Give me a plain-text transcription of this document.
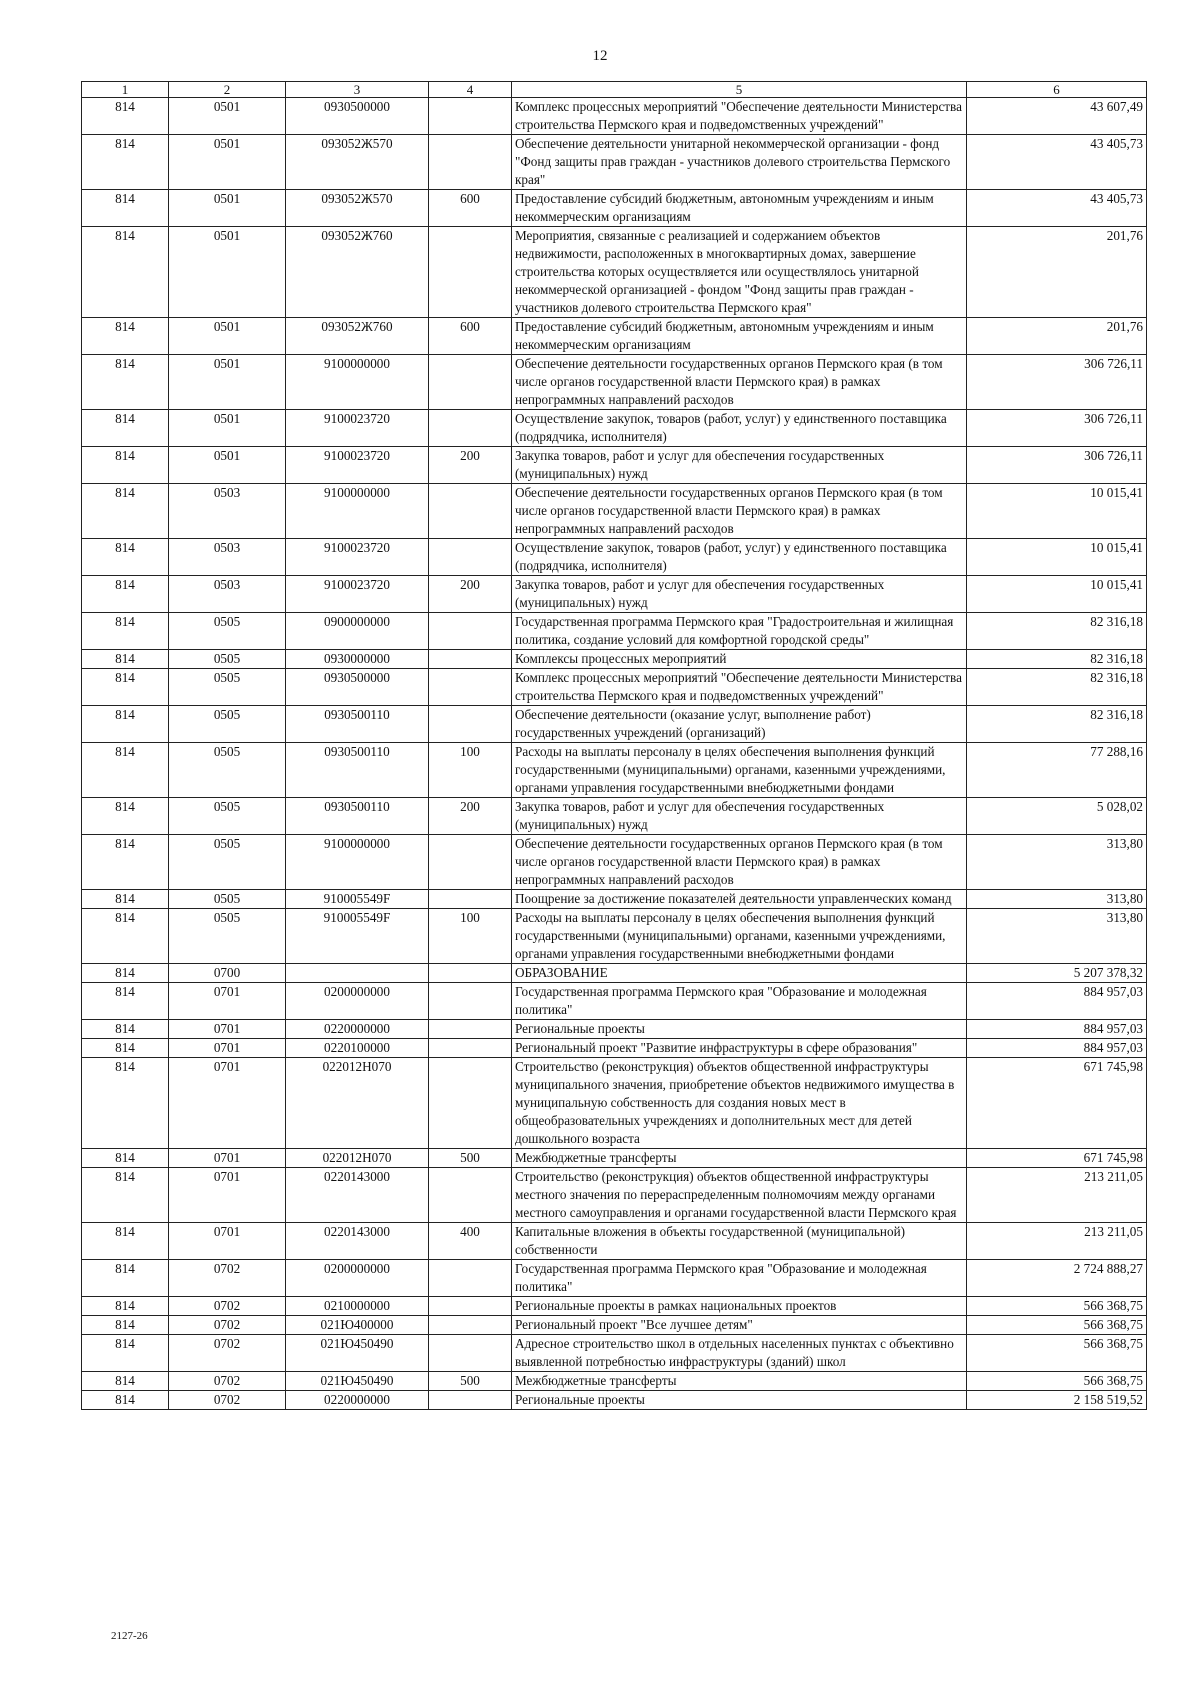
12
1	2	3	4	5	6
814	0501	0930500000		Комплекс процессных мероприятий "Обеспечение деятельности Министерства строительства Пермского края и подведомственных учреждений"	43 607,49
814	0501	093052Ж570		Обеспечение деятельности унитарной некоммерческой организации - фонд "Фонд защиты прав граждан - участников долевого строительства Пермского края"	43 405,73
814	0501	093052Ж570	600	Предоставление субсидий бюджетным, автономным учреждениям и иным некоммерческим организациям	43 405,73
814	0501	093052Ж760		Мероприятия, связанные с реализацией и содержанием объектов недвижимости, расположенных в многоквартирных домах, завершение строительства которых осуществляется или осуществлялось унитарной некоммерческой организацией - фондом "Фонд защиты прав граждан - участников долевого строительства Пермского края"	201,76
814	0501	093052Ж760	600	Предоставление субсидий бюджетным, автономным учреждениям и иным некоммерческим организациям	201,76
814	0501	9100000000		Обеспечение деятельности государственных органов Пермского края (в том числе органов государственной власти Пермского края) в рамках непрограммных направлений расходов	306 726,11
814	0501	9100023720		Осуществление закупок, товаров (работ, услуг) у единственного поставщика (подрядчика, исполнителя)	306 726,11
814	0501	9100023720	200	Закупка товаров, работ и услуг для обеспечения государственных (муниципальных) нужд	306 726,11
814	0503	9100000000		Обеспечение деятельности государственных органов Пермского края (в том числе органов государственной власти Пермского края) в рамках непрограммных направлений расходов	10 015,41
814	0503	9100023720		Осуществление закупок, товаров (работ, услуг) у единственного поставщика (подрядчика, исполнителя)	10 015,41
814	0503	9100023720	200	Закупка товаров, работ и услуг для обеспечения государственных (муниципальных) нужд	10 015,41
814	0505	0900000000		Государственная программа Пермского края "Градостроительная и жилищная политика, создание условий для комфортной городской среды"	82 316,18
814	0505	0930000000		Комплексы процессных мероприятий	82 316,18
814	0505	0930500000		Комплекс процессных мероприятий "Обеспечение деятельности Министерства строительства Пермского края и подведомственных учреждений"	82 316,18
814	0505	0930500110		Обеспечение деятельности (оказание услуг, выполнение работ) государственных учреждений (организаций)	82 316,18
814	0505	0930500110	100	Расходы на выплаты персоналу в целях обеспечения выполнения функций государственными (муниципальными) органами, казенными учреждениями, органами управления государственными внебюджетными фондами	77 288,16
814	0505	0930500110	200	Закупка товаров, работ и услуг для обеспечения государственных (муниципальных) нужд	5 028,02
814	0505	9100000000		Обеспечение деятельности государственных органов Пермского края (в том числе органов государственной власти Пермского края) в рамках непрограммных направлений расходов	313,80
814	0505	910005549F		Поощрение за достижение показателей деятельности управленческих команд	313,80
814	0505	910005549F	100	Расходы на выплаты персоналу в целях обеспечения выполнения функций государственными (муниципальными) органами, казенными учреждениями, органами управления государственными внебюджетными фондами	313,80
814	0700			ОБРАЗОВАНИЕ	5 207 378,32
814	0701	0200000000		Государственная программа Пермского края "Образование и молодежная политика"	884 957,03
814	0701	0220000000		Региональные проекты	884 957,03
814	0701	0220100000		Региональный проект "Развитие инфраструктуры в сфере образования"	884 957,03
814	0701	022012Н070		Строительство (реконструкция) объектов общественной инфраструктуры муниципального значения, приобретение объектов недвижимого имущества в муниципальную собственность для создания новых мест в общеобразовательных учреждениях и дополнительных мест для детей дошкольного возраста	671 745,98
814	0701	022012Н070	500	Межбюджетные трансферты	671 745,98
814	0701	0220143000		Строительство (реконструкция) объектов общественной инфраструктуры местного значения по перераспределенным полномочиям между органами местного самоуправления и органами государственной власти Пермского края	213 211,05
814	0701	0220143000	400	Капитальные вложения в объекты государственной (муниципальной) собственности	213 211,05
814	0702	0200000000		Государственная программа Пермского края "Образование и молодежная политика"	2 724 888,27
814	0702	0210000000		Региональные проекты в рамках национальных проектов	566 368,75
814	0702	021Ю400000		Региональный проект "Все лучшее детям"	566 368,75
814	0702	021Ю450490		Адресное строительство школ в отдельных населенных пунктах с объективно выявленной потребностью инфраструктуры (зданий) школ	566 368,75
814	0702	021Ю450490	500	Межбюджетные трансферты	566 368,75
814	0702	0220000000		Региональные проекты	2 158 519,52
2127-26
